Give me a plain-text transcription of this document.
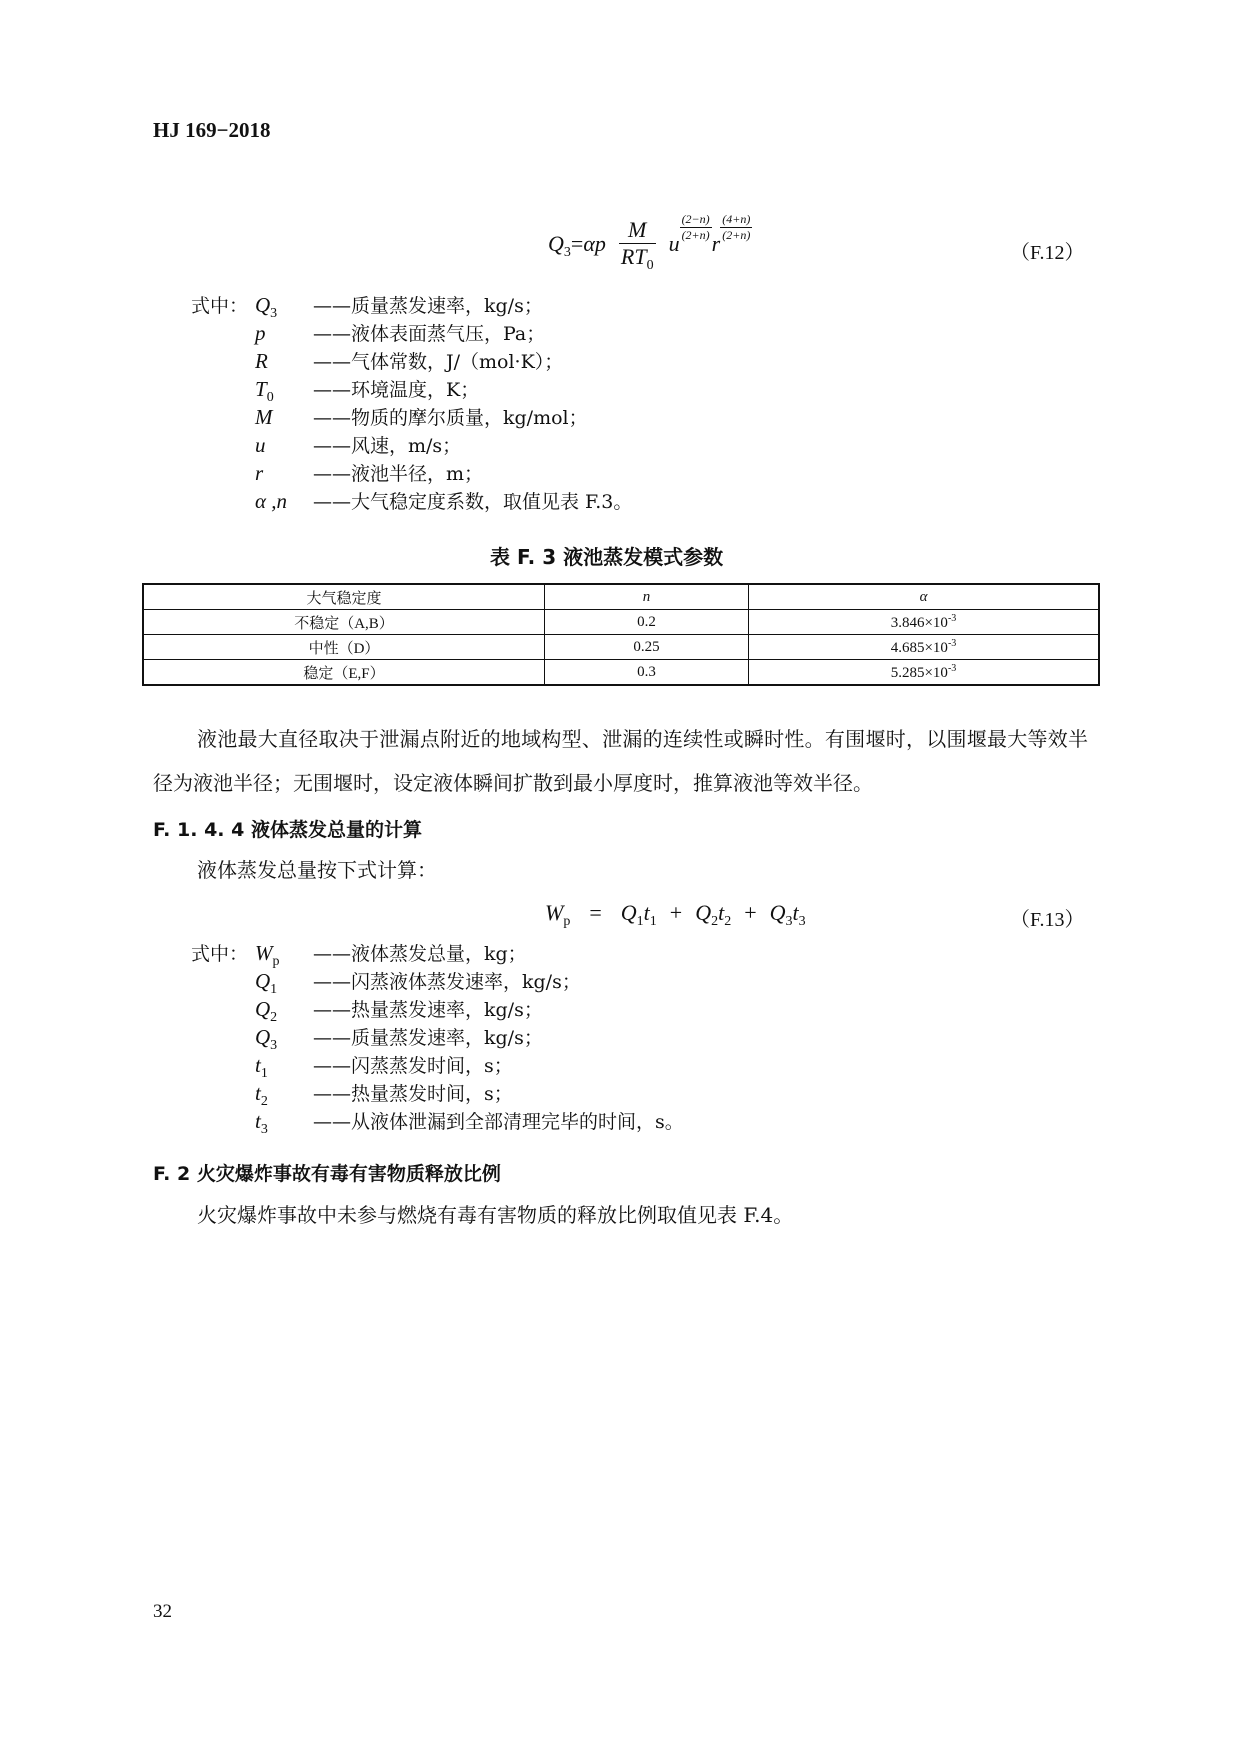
HJ 169−2018
$Q_3=\alpha p \frac{M}{RT_0}$ u
$\frac{(2-n)}{(2+n)}$
r
$\frac{(4+n)}{(2+n)}$
（F.12）
式中： $Q_3$ ——质量蒸发速率，kg/s；
p	——液体表面蒸气压，Pa；
R ——气体常数，J/（mol·K）；
$T_0$ ——环境温度，K；
M ——物质的摩尔质量，kg/mol；
u	——风速，m/s；
r	——液池半径，m；
α ,n ——大气稳定度系数，取值见表 F.3。
表 F. 3 液池蒸发模式参数
大气稳定度	n	α
不稳定（A,B）	0.2	$3.846\times 10^{-3}$
中性（D）	0.25	$4.685\times 10^{-3}$
稳定（E,F）	0.3	$5.285\times 10^{-3}$
液池最大直径取决于泄漏点附近的地域构型、泄漏的连续性或瞬时性。有围堰时，以围堰最大等效半径为液池半径；无围堰时，设定液体瞬间扩散到最小厚度时，推算液池等效半径。
F. 1. 4. 4 液体蒸发总量的计算
液体蒸发总量按下式计算：
$W_p = Q_1t_1 + Q_2t_2 + Q_3t_3$	（F.13）
式中： $W_p$ ——液体蒸发总量，kg；
$Q_1$ ——闪蒸液体蒸发速率，kg/s；
$Q_2$ ——热量蒸发速率，kg/s；
$Q_3$ ——质量蒸发速率，kg/s；
$t_1$ ——闪蒸蒸发时间，s；
$t_2$ ——热量蒸发时间，s；
$t_3$ ——从液体泄漏到全部清理完毕的时间，s。
F. 2 火灾爆炸事故有毒有害物质释放比例
火灾爆炸事故中未参与燃烧有毒有害物质的释放比例取值见表 F.4。
32
